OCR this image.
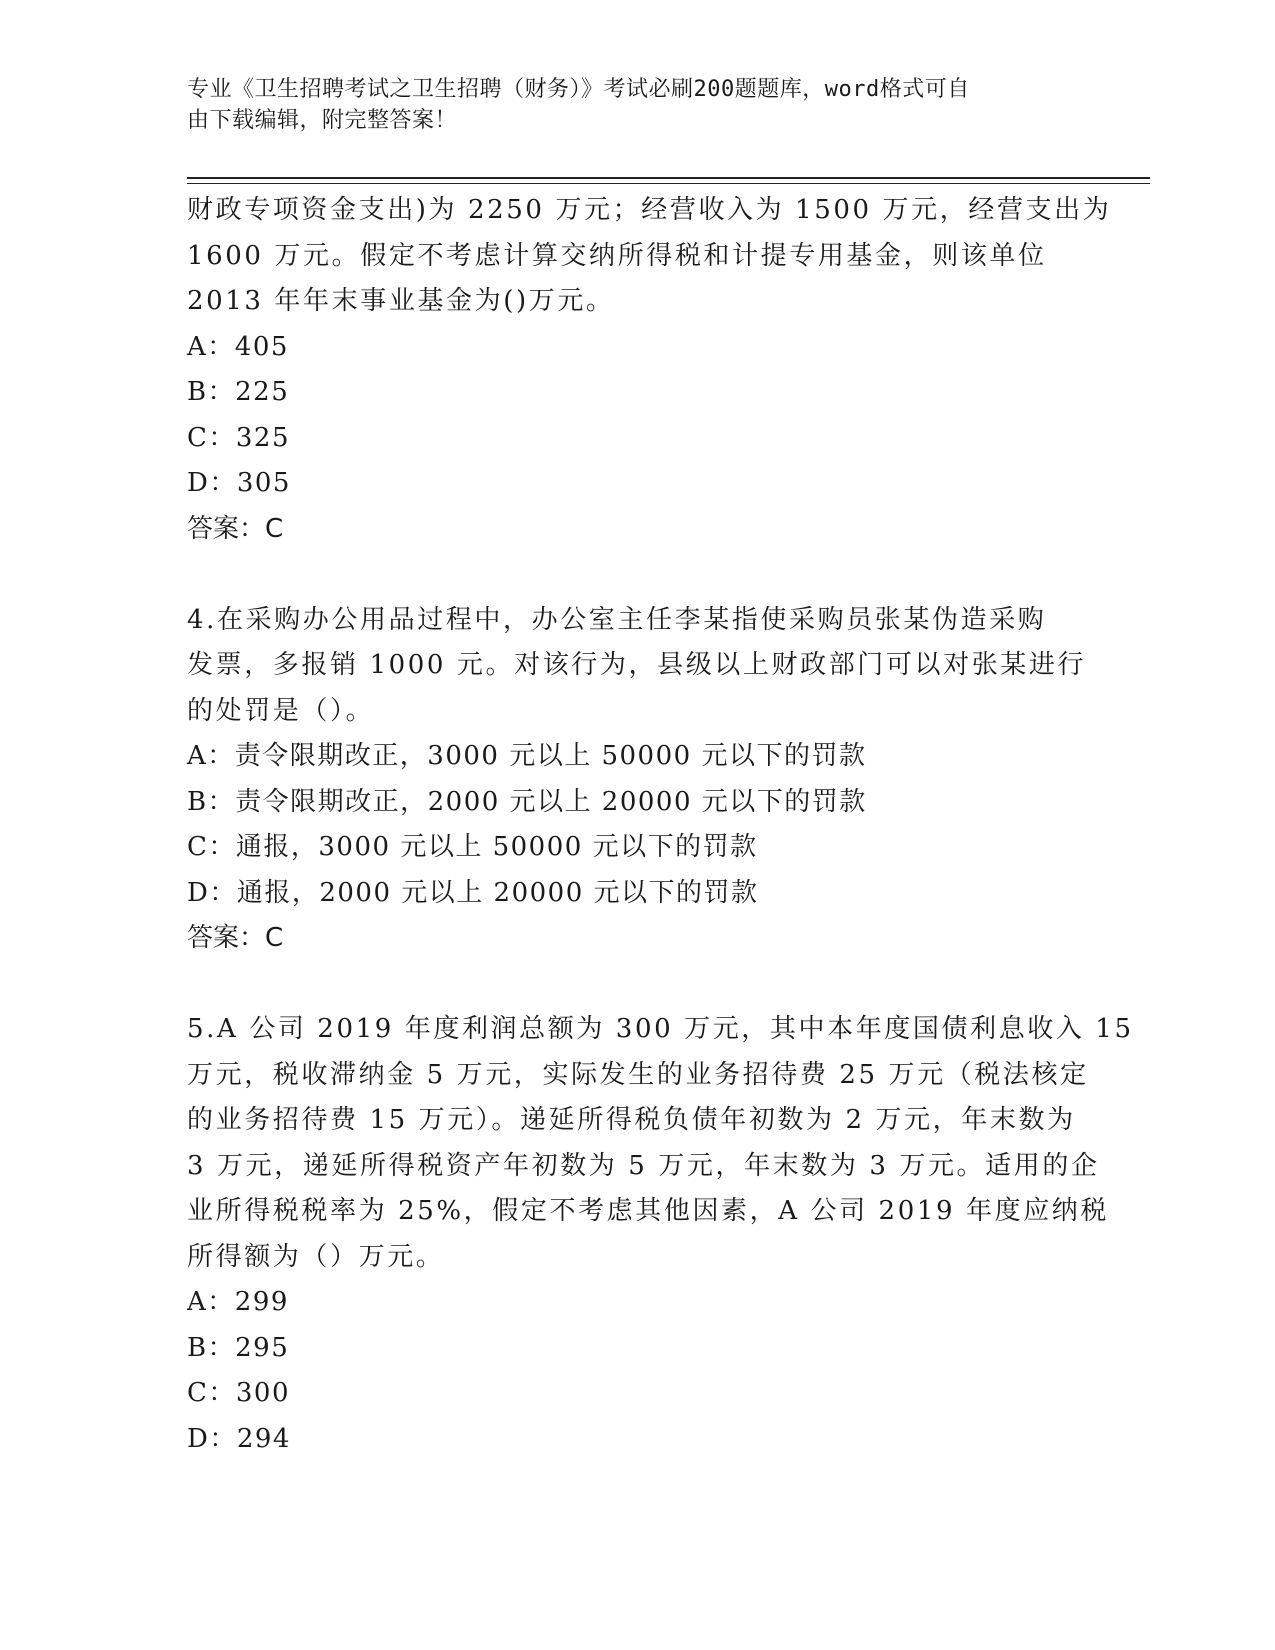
专业《卫生招聘考试之卫生招聘（财务）》考试必刷200题题库，word格式可自
由下载编辑，附完整答案！
财政专项资金支出)为 2250 万元；经营收入为 1500 万元，经营支出为
1600 万元。假定不考虑计算交纳所得税和计提专用基金，则该单位
2013 年年末事业基金为()万元。
A：405
B：225
C：325
D：305
答案：C
4.在采购办公用品过程中，办公室主任李某指使采购员张某伪造采购
发票，多报销 1000 元。对该行为，县级以上财政部门可以对张某进行
的处罚是（）。
A：责令限期改正，3000 元以上 50000 元以下的罚款
B：责令限期改正，2000 元以上 20000 元以下的罚款
C：通报，3000 元以上 50000 元以下的罚款
D：通报，2000 元以上 20000 元以下的罚款
答案：C
5.A 公司 2019 年度利润总额为 300 万元，其中本年度国债利息收入 15
万元，税收滞纳金 5 万元，实际发生的业务招待费 25 万元（税法核定
的业务招待费 15 万元）。递延所得税负债年初数为 2 万元，年末数为
3 万元，递延所得税资产年初数为 5 万元，年末数为 3 万元。适用的企
业所得税税率为 25%，假定不考虑其他因素，A 公司 2019 年度应纳税
所得额为（）万元。
A：299
B：295
C：300
D：294
